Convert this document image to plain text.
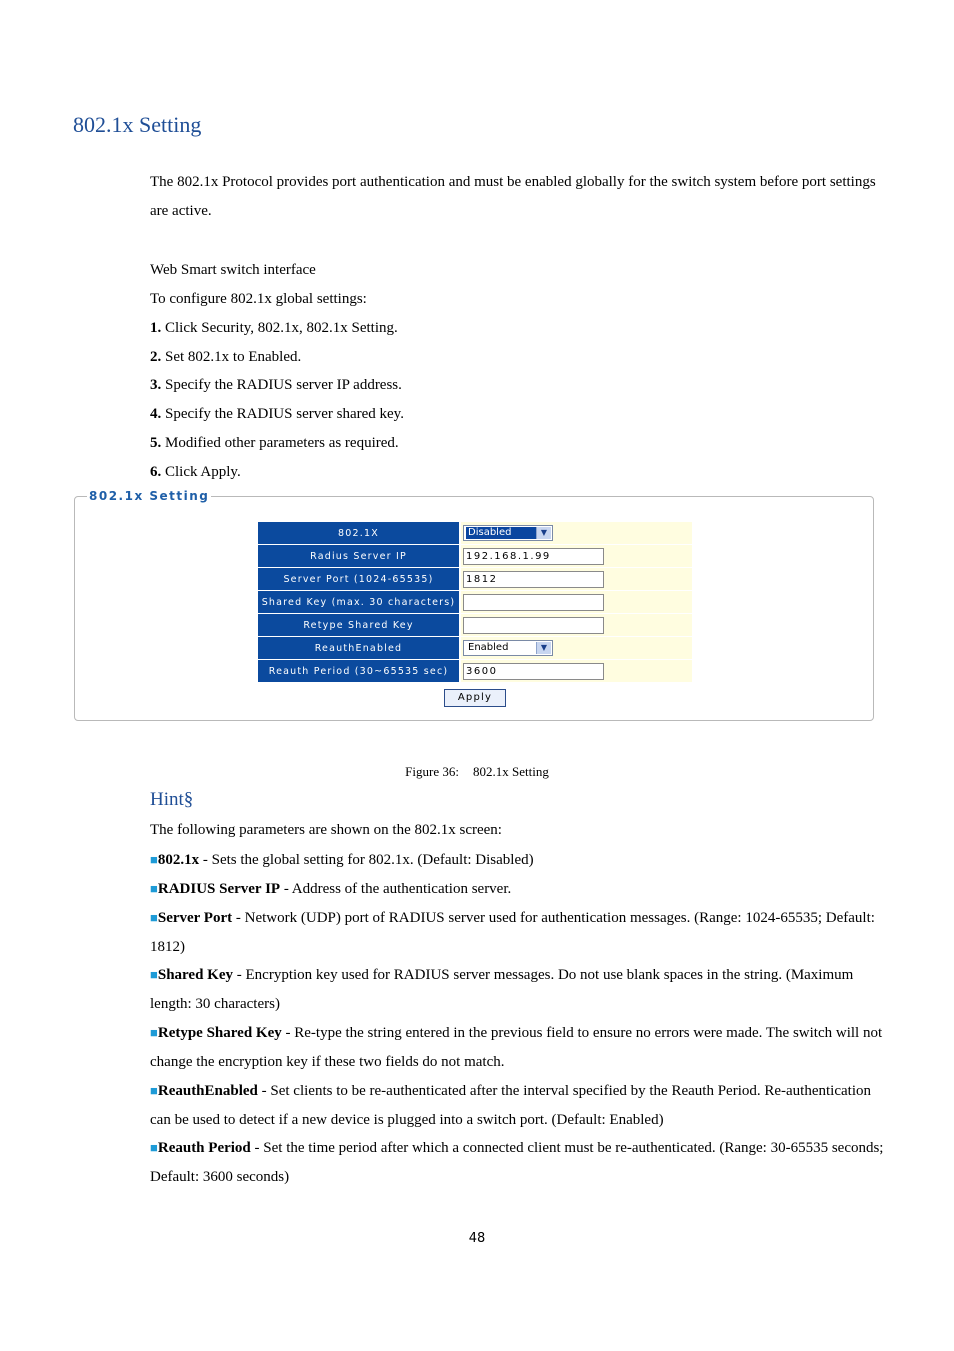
802.1x Setting

The 802.1x Protocol provides port authentication and must be enabled globally for the switch system before port settings are active.

Web Smart switch interface
To configure 802.1x global settings:
1. Click Security, 802.1x, 802.1x Setting.
2. Set 802.1x to Enabled.
3. Specify the RADIUS server IP address.
4. Specify the RADIUS server shared key.
5. Modified other parameters as required.
6. Click Apply.
802.1x Setting
802.1X	Disabled ▼

Radius Server IP	192.168.1.99
Server Port (1024-65535)	1812
Shared Key (max. 30 characters)	
Retype Shared Key	
ReauthEnabled	Enabled ▼

Reauth Period (30~65535 sec)	3600
Apply
Figure 36: 802.1x Setting
Hint§

The following parameters are shown on the 802.1x screen:

■802.1x - Sets the global setting for 802.1x. (Default: Disabled)

■RADIUS Server IP - Address of the authentication server.

■Server Port - Network (UDP) port of RADIUS server used for authentication messages. (Range: 1024-65535; Default: 1812)

■Shared Key - Encryption key used for RADIUS server messages. Do not use blank spaces in the string. (Maximum length: 30 characters)

■Retype Shared Key - Re-type the string entered in the previous field to ensure no errors were made. The switch will not change the encryption key if these two fields do not match.

■ReauthEnabled - Set clients to be re-authenticated after the interval specified by the Reauth Period. Re-authentication can be used to detect if a new device is plugged into a switch port. (Default: Enabled)

■Reauth Period - Set the time period after which a connected client must be re-authenticated. (Range: 30-65535 seconds; Default: 3600 seconds)

48
